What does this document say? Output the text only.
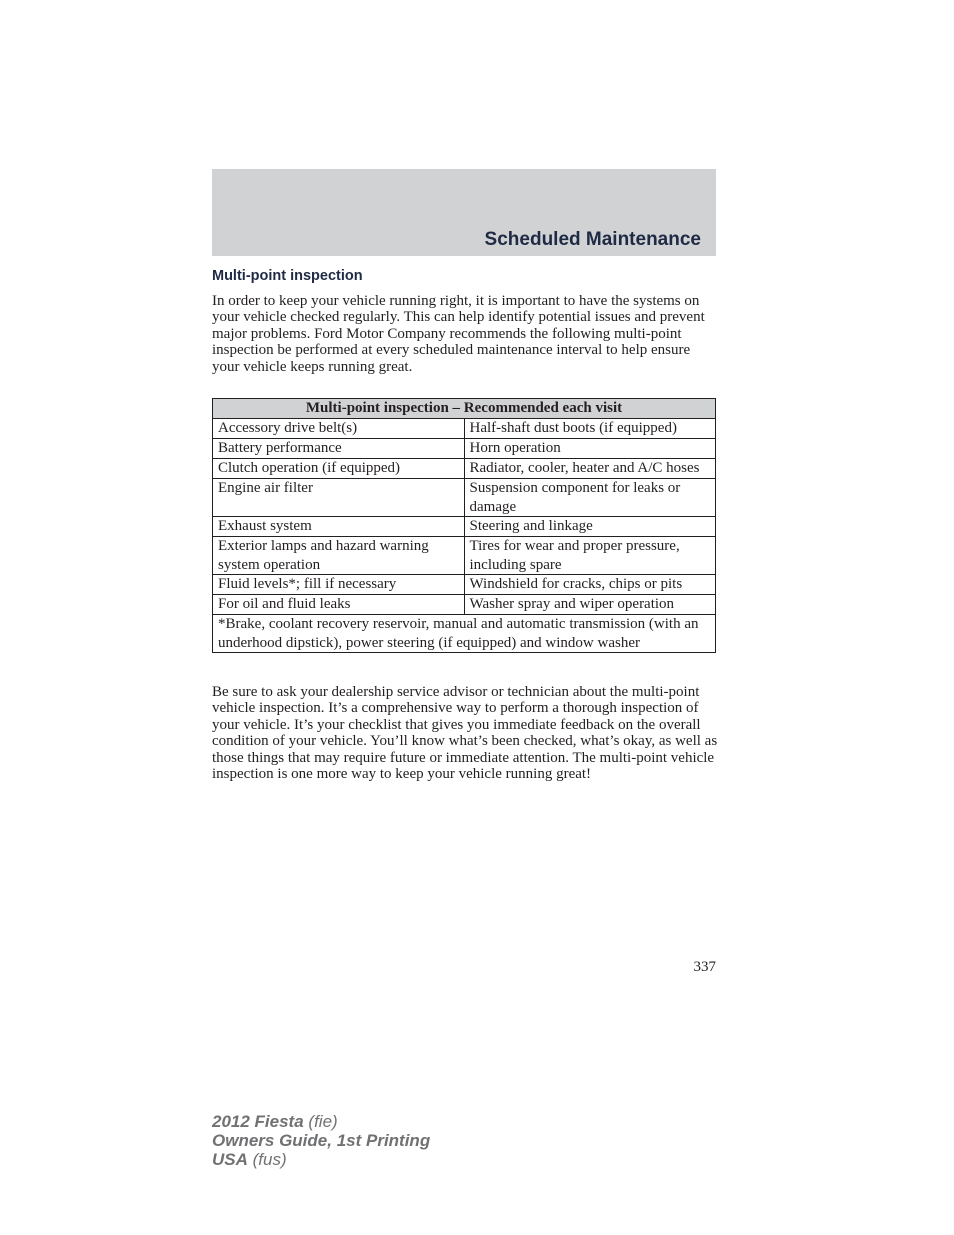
Scheduled Maintenance
Multi-point inspection

In order to keep your vehicle running right, it is important to have the systems on your vehicle checked regularly. This can help identify potential issues and prevent major problems. Ford Motor Company recommends the following multi-point inspection be performed at every scheduled maintenance interval to help ensure your vehicle keeps running great.

Multi-point inspection – Recommended each visit	
Accessory drive belt(s)	Half-shaft dust boots (if equipped)
Battery performance	Horn operation
Clutch operation (if equipped)	Radiator, cooler, heater and A/C hoses
Engine air filter	Suspension component for leaks or damage
Exhaust system	Steering and linkage
Exterior lamps and hazard warning system operation	Tires for wear and proper pressure, including spare
Fluid levels*; fill if necessary	Windshield for cracks, chips or pits
For oil and fluid leaks	Washer spray and wiper operation
*Brake, coolant recovery reservoir, manual and automatic transmission (with an underhood dipstick), power steering (if equipped) and window washer	

Be sure to ask your dealership service advisor or technician about the multi-point vehicle inspection. It’s a comprehensive way to perform a thorough inspection of your vehicle. It’s your checklist that gives you immediate feedback on the overall condition of your vehicle. You’ll know what’s been checked, what’s okay, as well as those things that may require future or immediate attention. The multi-point vehicle inspection is one more way to keep your vehicle running great!

337

2012 Fiesta (fie)
Owners Guide, 1st Printing
USA (fus)
